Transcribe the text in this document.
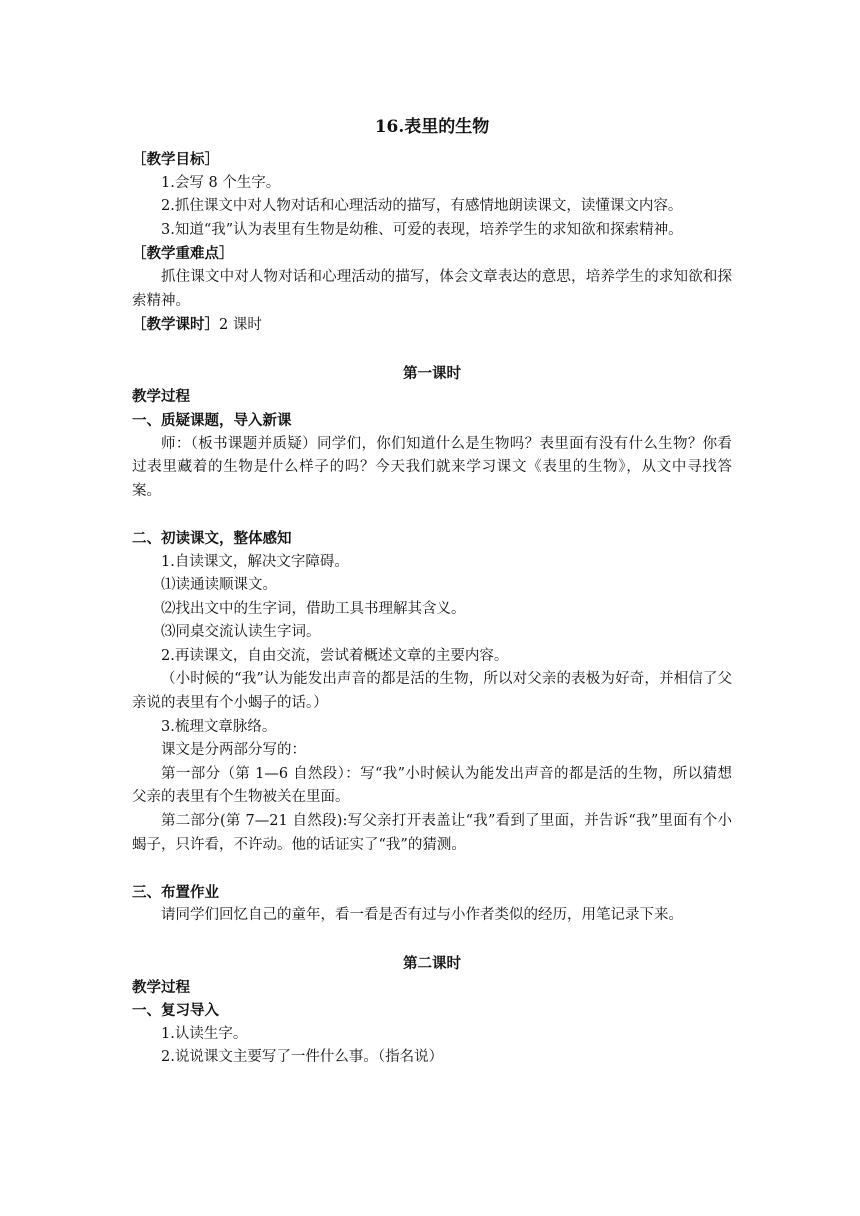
16.表里的生物
［教学目标］
1.会写 8 个生字。
2.抓住课文中对人物对话和心理活动的描写，有感情地朗读课文，读懂课文内容。
3.知道“我”认为表里有生物是幼稚、可爱的表现，培养学生的求知欲和探索精神。
［教学重难点］
抓住课文中对人物对话和心理活动的描写，体会文章表达的意思，培养学生的求知欲和探索精神。
［教学课时］2 课时
第一课时
教学过程
一、质疑课题，导入新课
师：（板书课题并质疑）同学们，你们知道什么是生物吗？表里面有没有什么生物？你看过表里藏着的生物是什么样子的吗？今天我们就来学习课文《表里的生物》，从文中寻找答案。
二、初读课文，整体感知
1.自读课文，解决文字障碍。
⑴读通读顺课文。
⑵找出文中的生字词，借助工具书理解其含义。
⑶同桌交流认读生字词。
2.再读课文，自由交流，尝试着概述文章的主要内容。
（小时候的“我”认为能发出声音的都是活的生物，所以对父亲的表极为好奇，并相信了父亲说的表里有个小蝎子的话。）
3.梳理文章脉络。
课文是分两部分写的：
第一部分（第 1—6 自然段）：写“我”小时候认为能发出声音的都是活的生物，所以猜想父亲的表里有个生物被关在里面。
第二部分(第 7—21 自然段):写父亲打开表盖让“我”看到了里面，并告诉“我”里面有个小蝎子，只许看，不许动。他的话证实了“我”的猜测。
三、布置作业
请同学们回忆自己的童年，看一看是否有过与小作者类似的经历，用笔记录下来。
第二课时
教学过程
一、复习导入
1.认读生字。
2.说说课文主要写了一件什么事。（指名说）
